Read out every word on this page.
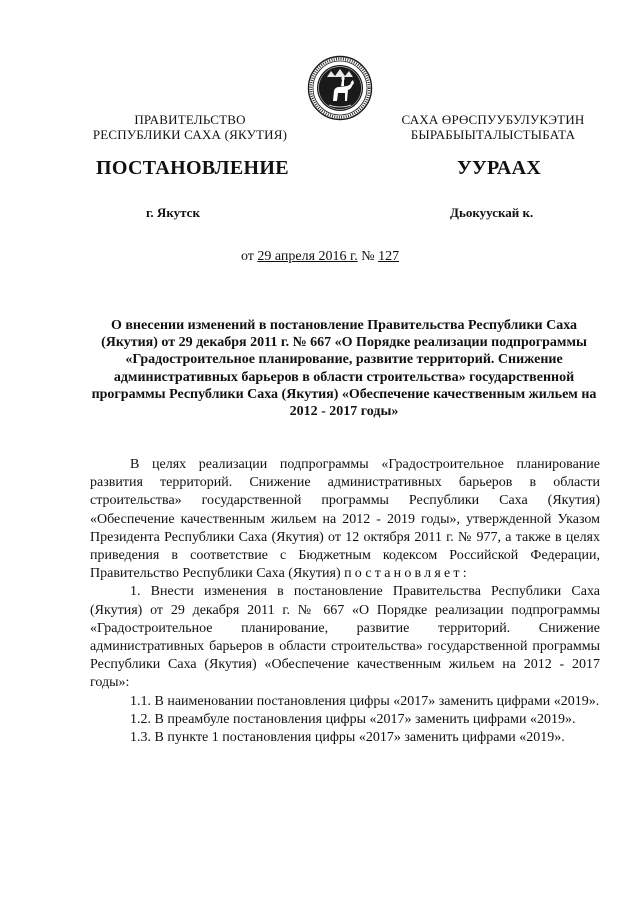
ПРАВИТЕЛЬСТВО
РЕСПУБЛИКИ САХА (ЯКУТИЯ)
САХА ӨРӨСПУУБУЛУКЭТИН
БЫРАБЫЫТАЛЫСТЫБАТА
ПОСТАНОВЛЕНИЕ	УУРААХ
г. Якутск	Дьокуускай к.
от 29 апреля 2016 г. № 127
О внесении изменений в постановление Правительства Республики Саха (Якутия) от 29 декабря 2011 г. № 667 «О Порядке реализации подпрограммы «Градостроительное планирование, развитие территорий. Снижение административных барьеров в области строительства» государственной программы Республики Саха (Якутия) «Обеспечение качественным жильем на 2012 - 2017 годы»

В целях реализации подпрограммы «Градостроительное планирование развития территорий. Снижение административных барьеров в области строительства» государственной программы Республики Саха (Якутия) «Обеспечение качественным жильем на 2012 - 2019 годы», утвержденной Указом Президента Республики Саха (Якутия) от 12 октября 2011 г. № 977, а также в целях приведения в соответствие с Бюджетным кодексом Российской Федерации, Правительство Республики Саха (Якутия) постановляет:

1. Внести изменения в постановление Правительства Республики Саха (Якутия) от 29 декабря 2011 г. № 667 «О Порядке реализации подпрограммы «Градостроительное планирование, развитие территорий. Снижение административных барьеров в области строительства» государственной программы Республики Саха (Якутия) «Обеспечение качественным жильем на 2012 - 2017 годы»:

1.1. В наименовании постановления цифры «2017» заменить цифрами «2019».

1.2. В преамбуле постановления цифры «2017» заменить цифрами «2019».

1.3. В пункте 1 постановления цифры «2017» заменить цифрами «2019».
